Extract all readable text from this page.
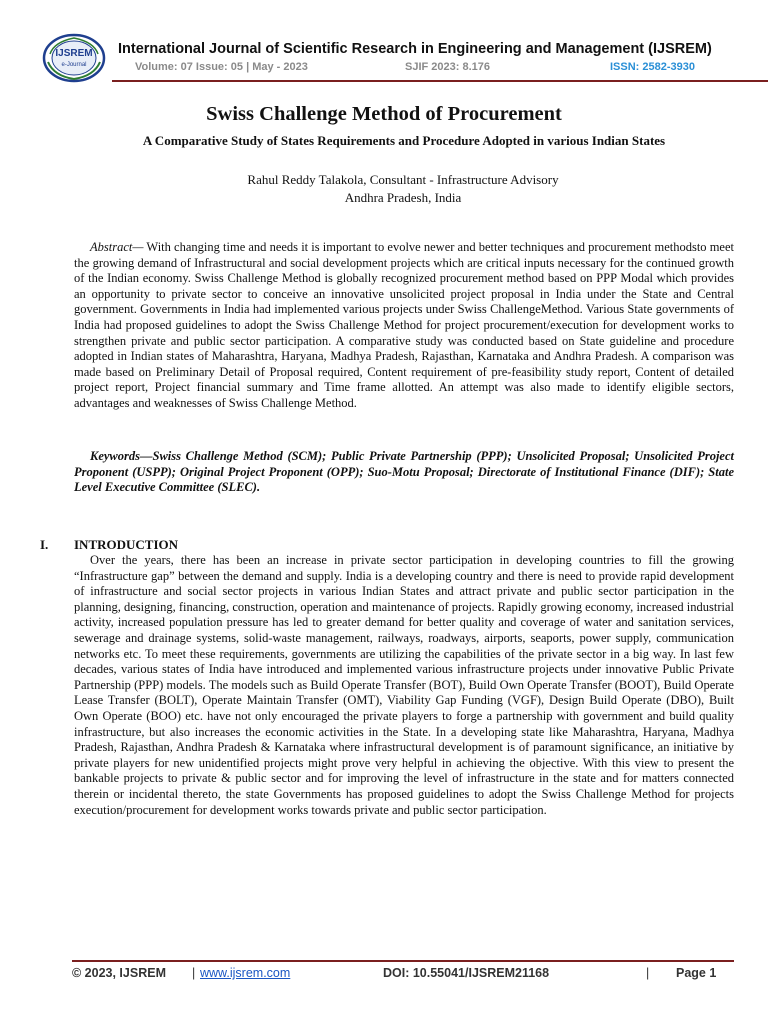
IJSREM
e-Journal
International Journal of Scientific Research in Engineering and Management (IJSREM)
Volume: 07 Issue: 05 | May - 2023	SJIF 2023: 8.176	ISSN: 2582-3930
Swiss Challenge Method of Procurement
A Comparative Study of States Requirements and Procedure Adopted in various Indian States
Rahul Reddy Talakola, Consultant - Infrastructure Advisory
Andhra Pradesh, India
Abstract— With changing time and needs it is important to evolve newer and better techniques and procurement methodsto meet the growing demand of Infrastructural and social development projects which are critical inputs necessary for the continued growth of the Indian economy. Swiss Challenge Method is globally recognized procurement method based on PPP Modal which provides an opportunity to private sector to conceive an innovative unsolicited project proposal in India under the State and Central government. Governments in India had implemented various projects under Swiss ChallengeMethod. Various State governments of India had proposed guidelines to adopt the Swiss Challenge Method for project procurement/execution for development works to strengthen private and public sector participation. A comparative study was conducted based on State guideline and procedure adopted in Indian states of Maharashtra, Haryana, Madhya Pradesh, Rajasthan, Karnataka and Andhra Pradesh. A comparison was made based on Preliminary Detail of Proposal required, Content requirement of pre-feasibility study report, Content of detailed project report, Project financial summary and Time frame allotted. An attempt was also made to identify eligible sectors, advantages and weaknesses of Swiss Challenge Method.
Keywords—Swiss Challenge Method (SCM); Public Private Partnership (PPP); Unsolicited Proposal; Unsolicited Project Proponent (USPP); Original Project Proponent (OPP); Suo-Motu Proposal; Directorate of Institutional Finance (DIF); State Level Executive Committee (SLEC).
I. INTRODUCTION
Over the years, there has been an increase in private sector participation in developing countries to fill the growing “Infrastructure gap” between the demand and supply. India is a developing country and there is need to provide rapid development of infrastructure and social sector projects in various Indian States and attract private and public sector participation in the planning, designing, financing, construction, operation and maintenance of projects. Rapidly growing economy, increased industrial activity, increased population pressure has led to greater demand for better quality and coverage of water and sanitation services, sewerage and drainage systems, solid-waste management, railways, roadways, airports, seaports, power supply, communication networks etc. To meet these requirements, governments are utilizing the capabilities of the private sector in a big way. In last few decades, various states of India have introduced and implemented various infrastructure projects under innovative Public Private Partnership (PPP) models. The models such as Build Operate Transfer (BOT), Build Own Operate Transfer (BOOT), Build Operate Lease Transfer (BOLT), Operate Maintain Transfer (OMT), Viability Gap Funding (VGF), Design Build Operate (DBO), Built Own Operate (BOO) etc. have not only encouraged the private players to forge a partnership with government and build quality infrastructure, but also increases the economic activities in the State. In a developing state like Maharashtra, Haryana, Madhya Pradesh, Rajasthan, Andhra Pradesh & Karnataka where infrastructural development is of paramount significance, an initiative by private players for new unidentified projects might prove very helpful in achieving the objective. With this view to present the bankable projects to private & public sector and for improving the level of infrastructure in the state and for matters connected therein or incidental thereto, the state Governments has proposed guidelines to adopt the Swiss Challenge Method for projects execution/procurement for development works towards private and public sector participation.
© 2023, IJSREM | www.ijsrem.com	DOI: 10.55041/IJSREM21168	| Page 1
